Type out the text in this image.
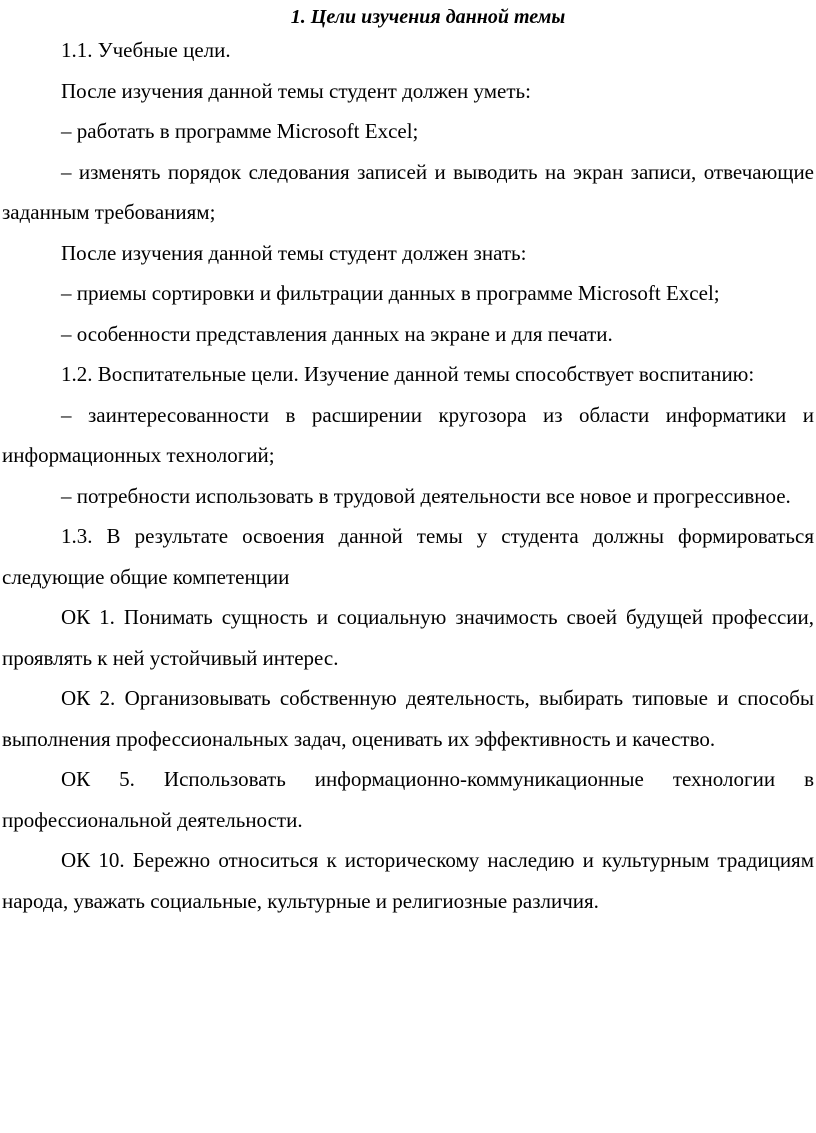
1. Цели изучения данной темы

1.1. Учебные цели.

После изучения данной темы студент должен уметь:

– работать в программе Microsoft Excel;

– изменять порядок следования записей и выводить на экран записи, отвечающие заданным требованиям;

После изучения данной темы студент должен знать:

– приемы сортировки и фильтрации данных в программе Microsoft Excel;

– особенности представления данных на экране и для печати.

1.2. Воспитательные цели. Изучение данной темы способствует воспитанию:

– заинтересованности в расширении кругозора из области информатики и информационных технологий;

– потребности использовать в трудовой деятельности все новое и прогрессивное.

1.3. В результате освоения данной темы у студента должны формироваться следующие общие компетенции

ОК 1. Понимать сущность и социальную значимость своей будущей профессии, проявлять к ней устойчивый интерес.

ОК 2. Организовывать собственную деятельность, выбирать типовые и способы выполнения профессиональных задач, оценивать их эффективность и качество.

ОК 5. Использовать информационно-коммуникационные технологии в профессиональной деятельности.

ОК 10. Бережно относиться к историческому наследию и культурным традициям народа, уважать социальные, культурные и религиозные различия.
